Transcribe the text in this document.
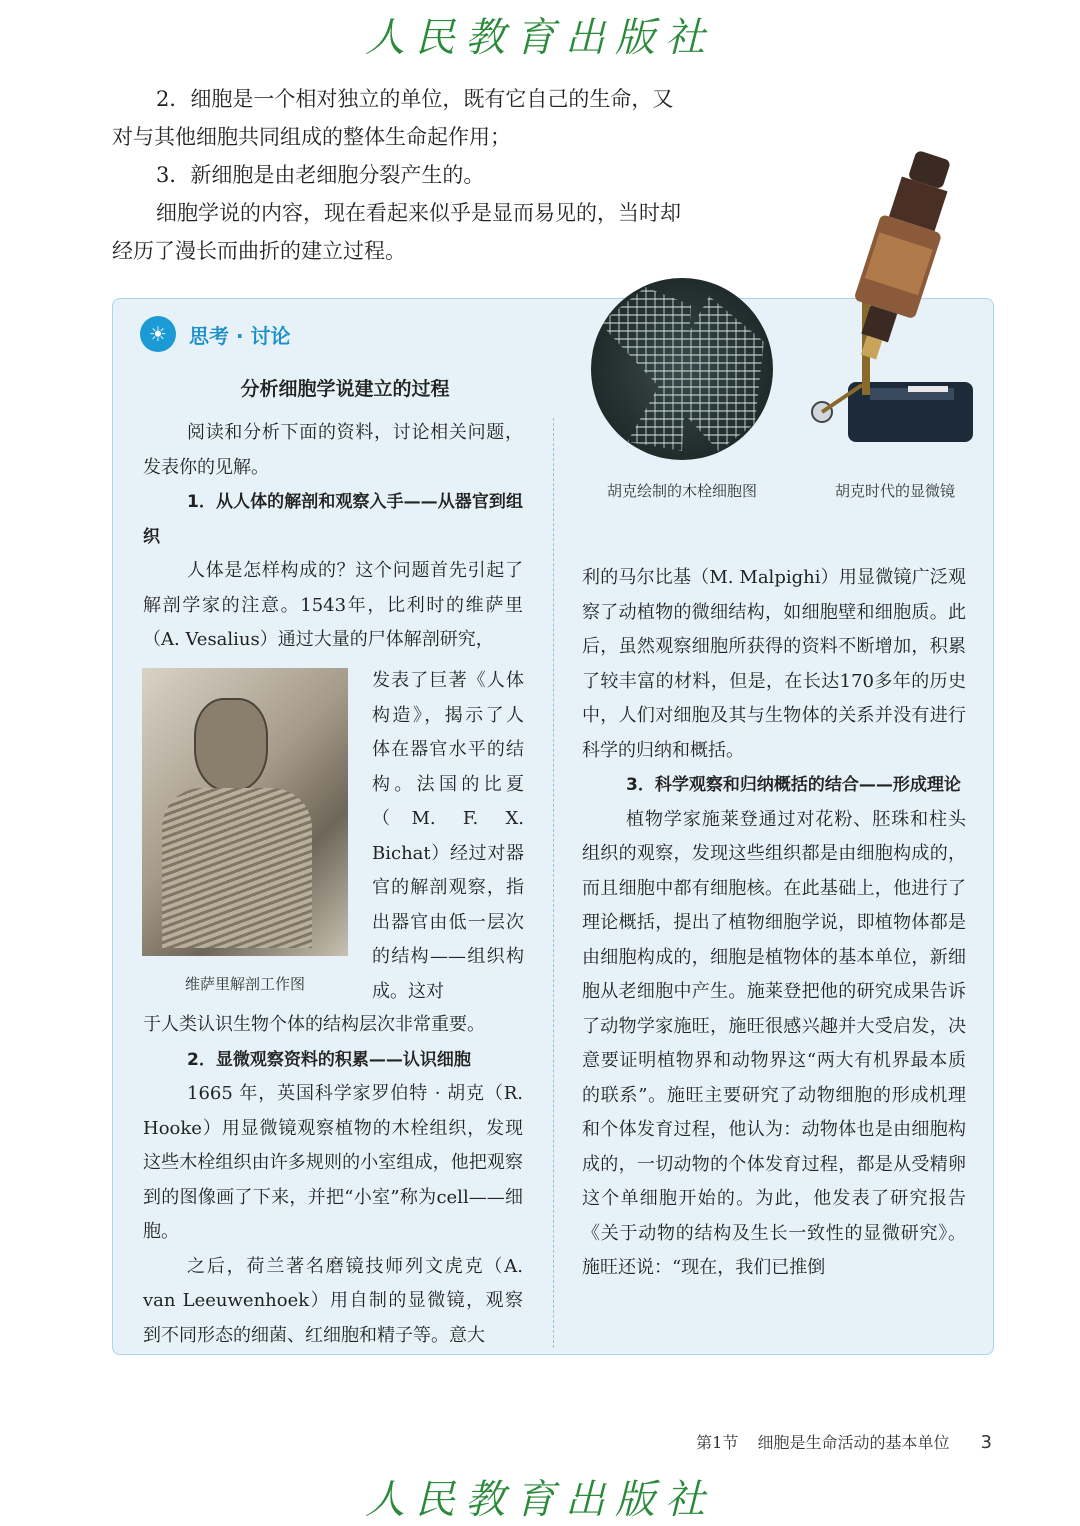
人民教育出版社

2．细胞是一个相对独立的单位，既有它自己的生命，又对与其他细胞共同组成的整体生命起作用；

3．新细胞是由老细胞分裂产生的。

细胞学说的内容，现在看起来似乎是显而易见的，当时却经历了漫长而曲折的建立过程。

☀	思考 · 讨论
分析细胞学说建立的过程

阅读和分析下面的资料，讨论相关问题，发表你的见解。

1．从人体的解剖和观察入手——从器官到组织

人体是怎样构成的？这个问题首先引起了解剖学家的注意。1543年，比利时的维萨里（A. Vesalius）通过大量的尸体解剖研究，

维萨里解剖工作图

发表了巨著《人体构造》，揭示了人体在器官水平的结构。法国的比夏（M. F. X. Bichat）经过对器官的解剖观察，指出器官由低一层次的结构——组织构成。这对

于人类认识生物个体的结构层次非常重要。

2．显微观察资料的积累——认识细胞

1665 年，英国科学家罗伯特 · 胡克（R. Hooke）用显微镜观察植物的木栓组织，发现这些木栓组织由许多规则的小室组成，他把观察到的图像画了下来，并把“小室”称为cell——细胞。

之后，荷兰著名磨镜技师列文虎克（A. van Leeuwenhoek）用自制的显微镜，观察到不同形态的细菌、红细胞和精子等。意大

胡克绘制的木栓细胞图	胡克时代的显微镜

利的马尔比基（M. Malpighi）用显微镜广泛观察了动植物的微细结构，如细胞壁和细胞质。此后，虽然观察细胞所获得的资料不断增加，积累了较丰富的材料，但是，在长达170多年的历史中，人们对细胞及其与生物体的关系并没有进行科学的归纳和概括。

3．科学观察和归纳概括的结合——形成理论

植物学家施莱登通过对花粉、胚珠和柱头组织的观察，发现这些组织都是由细胞构成的，而且细胞中都有细胞核。在此基础上，他进行了理论概括，提出了植物细胞学说，即植物体都是由细胞构成的，细胞是植物体的基本单位，新细胞从老细胞中产生。施莱登把他的研究成果告诉了动物学家施旺，施旺很感兴趣并大受启发，决意要证明植物界和动物界这“两大有机界最本质的联系”。施旺主要研究了动物细胞的形成机理和个体发育过程，他认为：动物体也是由细胞构成的，一切动物的个体发育过程，都是从受精卵这个单细胞开始的。为此，他发表了研究报告《关于动物的结构及生长一致性的显微研究》。施旺还说：“现在，我们已推倒

第1节 细胞是生命活动的基本单位 3
人民教育出版社
